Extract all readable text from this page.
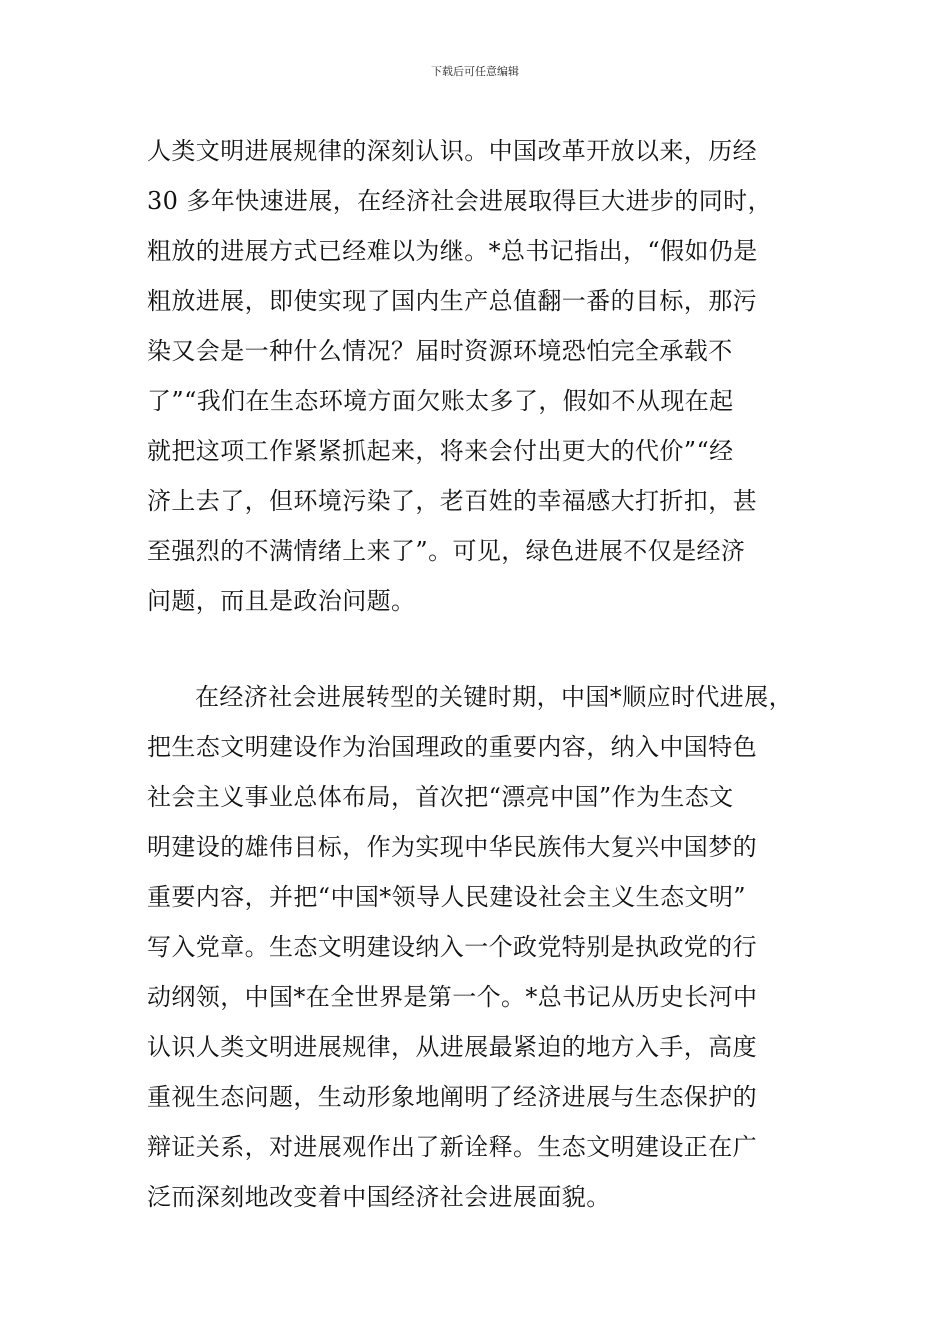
下载后可任意编辑
人类文明进展规律的深刻认识。中国改革开放以来，历经
30 多年快速进展，在经济社会进展取得巨大进步的同时，
粗放的进展方式已经难以为继。*总书记指出，“假如仍是
粗放进展，即使实现了国内生产总值翻一番的目标，那污
染又会是一种什么情况？届时资源环境恐怕完全承载不
了”“我们在生态环境方面欠账太多了，假如不从现在起
就把这项工作紧紧抓起来，将来会付出更大的代价”“经
济上去了，但环境污染了，老百姓的幸福感大打折扣，甚
至强烈的不满情绪上来了”。可见，绿色进展不仅是经济
问题，而且是政治问题。
在经济社会进展转型的关键时期，中国*顺应时代进展，
把生态文明建设作为治国理政的重要内容，纳入中国特色
社会主义事业总体布局，首次把“漂亮中国”作为生态文
明建设的雄伟目标，作为实现中华民族伟大复兴中国梦的
重要内容，并把“中国*领导人民建设社会主义生态文明”
写入党章。生态文明建设纳入一个政党特别是执政党的行
动纲领，中国*在全世界是第一个。*总书记从历史长河中
认识人类文明进展规律，从进展最紧迫的地方入手，高度
重视生态问题，生动形象地阐明了经济进展与生态保护的
辩证关系，对进展观作出了新诠释。生态文明建设正在广
泛而深刻地改变着中国经济社会进展面貌。
